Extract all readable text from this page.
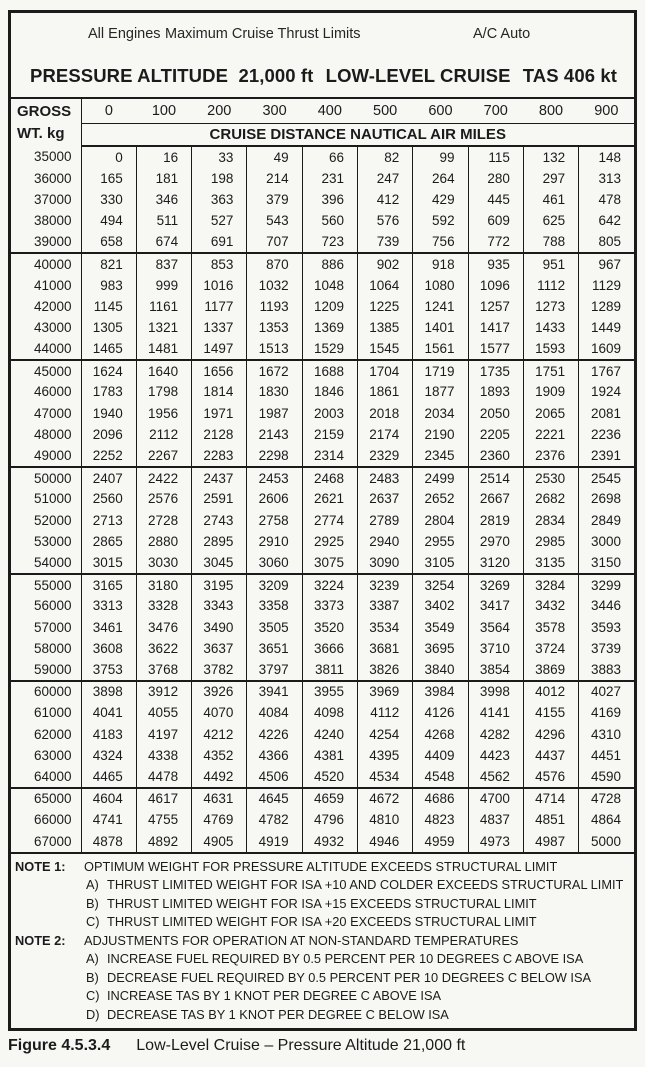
All Engines Maximum Cruise Thrust Limits	A/C Auto
PRESSURE ALTITUDE  21,000 ft LOW-LEVEL CRUISE TAS 406 kt
GROSS
WT. kg	0	100	200	300	400	500	600	700	800	900
	CRUISE DISTANCE NAUTICAL AIR MILES									
35000	0	16	33	49	66	82	99	115	132	148
36000	165	181	198	214	231	247	264	280	297	313
37000	330	346	363	379	396	412	429	445	461	478
38000	494	511	527	543	560	576	592	609	625	642
39000	658	674	691	707	723	739	756	772	788	805
40000	821	837	853	870	886	902	918	935	951	967
41000	983	999	1016	1032	1048	1064	1080	1096	1112	1129
42000	1145	1161	1177	1193	1209	1225	1241	1257	1273	1289
43000	1305	1321	1337	1353	1369	1385	1401	1417	1433	1449
44000	1465	1481	1497	1513	1529	1545	1561	1577	1593	1609
45000	1624	1640	1656	1672	1688	1704	1719	1735	1751	1767
46000	1783	1798	1814	1830	1846	1861	1877	1893	1909	1924
47000	1940	1956	1971	1987	2003	2018	2034	2050	2065	2081
48000	2096	2112	2128	2143	2159	2174	2190	2205	2221	2236
49000	2252	2267	2283	2298	2314	2329	2345	2360	2376	2391
50000	2407	2422	2437	2453	2468	2483	2499	2514	2530	2545
51000	2560	2576	2591	2606	2621	2637	2652	2667	2682	2698
52000	2713	2728	2743	2758	2774	2789	2804	2819	2834	2849
53000	2865	2880	2895	2910	2925	2940	2955	2970	2985	3000
54000	3015	3030	3045	3060	3075	3090	3105	3120	3135	3150
55000	3165	3180	3195	3209	3224	3239	3254	3269	3284	3299
56000	3313	3328	3343	3358	3373	3387	3402	3417	3432	3446
57000	3461	3476	3490	3505	3520	3534	3549	3564	3578	3593
58000	3608	3622	3637	3651	3666	3681	3695	3710	3724	3739
59000	3753	3768	3782	3797	3811	3826	3840	3854	3869	3883
60000	3898	3912	3926	3941	3955	3969	3984	3998	4012	4027
61000	4041	4055	4070	4084	4098	4112	4126	4141	4155	4169
62000	4183	4197	4212	4226	4240	4254	4268	4282	4296	4310
63000	4324	4338	4352	4366	4381	4395	4409	4423	4437	4451
64000	4465	4478	4492	4506	4520	4534	4548	4562	4576	4590
65000	4604	4617	4631	4645	4659	4672	4686	4700	4714	4728
66000	4741	4755	4769	4782	4796	4810	4823	4837	4851	4864
67000	4878	4892	4905	4919	4932	4946	4959	4973	4987	5000
NOTE 1:	OPTIMUM WEIGHT FOR PRESSURE ALTITUDE EXCEEDS STRUCTURAL LIMIT
A) THRUST LIMITED WEIGHT FOR ISA +10 AND COLDER EXCEEDS STRUCTURAL LIMIT
B) THRUST LIMITED WEIGHT FOR ISA +15 EXCEEDS STRUCTURAL LIMIT
C) THRUST LIMITED WEIGHT FOR ISA +20 EXCEEDS STRUCTURAL LIMIT
NOTE 2:	ADJUSTMENTS FOR OPERATION AT NON-STANDARD TEMPERATURES
A) INCREASE FUEL REQUIRED BY 0.5 PERCENT PER 10 DEGREES C ABOVE ISA
B) DECREASE FUEL REQUIRED BY 0.5 PERCENT PER 10 DEGREES C BELOW ISA
C) INCREASE TAS BY 1 KNOT PER DEGREE C ABOVE ISA
D) DECREASE TAS BY 1 KNOT PER DEGREE C BELOW ISA
Figure 4.5.3.4 Low-Level Cruise – Pressure Altitude 21,000 ft
